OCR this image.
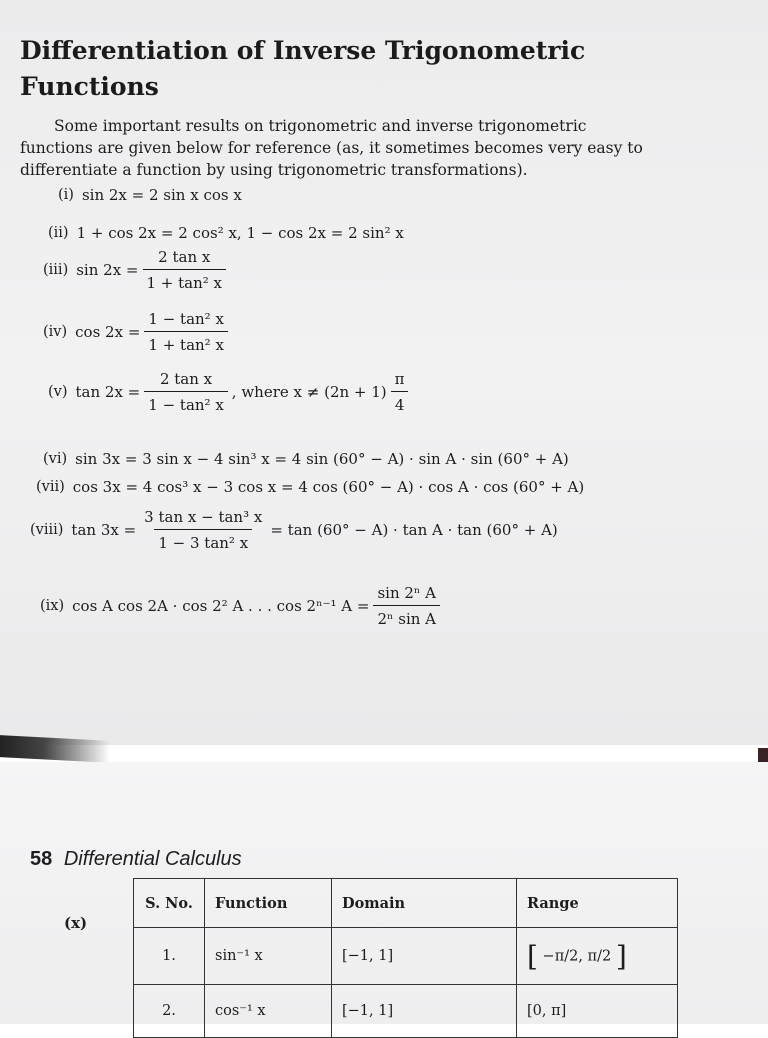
Differentiation of Inverse Trigonometric Functions

Some important results on trigonometric and inverse trigonometric
functions are given below for reference (as, it sometimes becomes very easy to
differentiate a function by using trigonometric transformations).

(i) sin 2x = 2 sin x cos x
(ii) 1 + cos 2x = 2 cos² x, 1 − cos 2x = 2 sin² x
(iii) $\sin 2x = \frac{\text{2 tan x}}{\text{1 + tan² x}}$
(iv) $\cos 2x = \frac{\text{1 − tan² x}}{\text{1 + tan² x}}$
(v) $\tan 2x = \frac{\text{2 tan x}}{\text{1 − tan² x}}$ , where $x \ne (2n + 1) \frac{\pi}{4}$
(vi) sin 3x = 3 sin x − 4 sin³ x = 4 sin (60° − A) · sin A · sin (60° + A)
(vii) cos 3x = 4 cos³ x − 3 cos x = 4 cos (60° − A) · cos A · cos (60° + A)
(viii) $\tan 3x = \frac{\text{3 tan x − tan³ x}}{\text{1 − 3 tan² x}} = \tan (60^\circ - A) \cdot \tan A \cdot \tan (60^\circ + A)$
(ix) cos A cos 2A · cos 2² A . . . cos 2ⁿ⁻¹ $A = \frac{\text{sin 2ⁿ A}}{\text{2ⁿ sin A}}$
58 Differential Calculus
(x)
S. No.	Function	Domain	Range
1.	sin⁻¹ x	[−1, 1]	[ −π/2, π/2 ]
2.	cos⁻¹ x	[−1, 1]	[0, π]
